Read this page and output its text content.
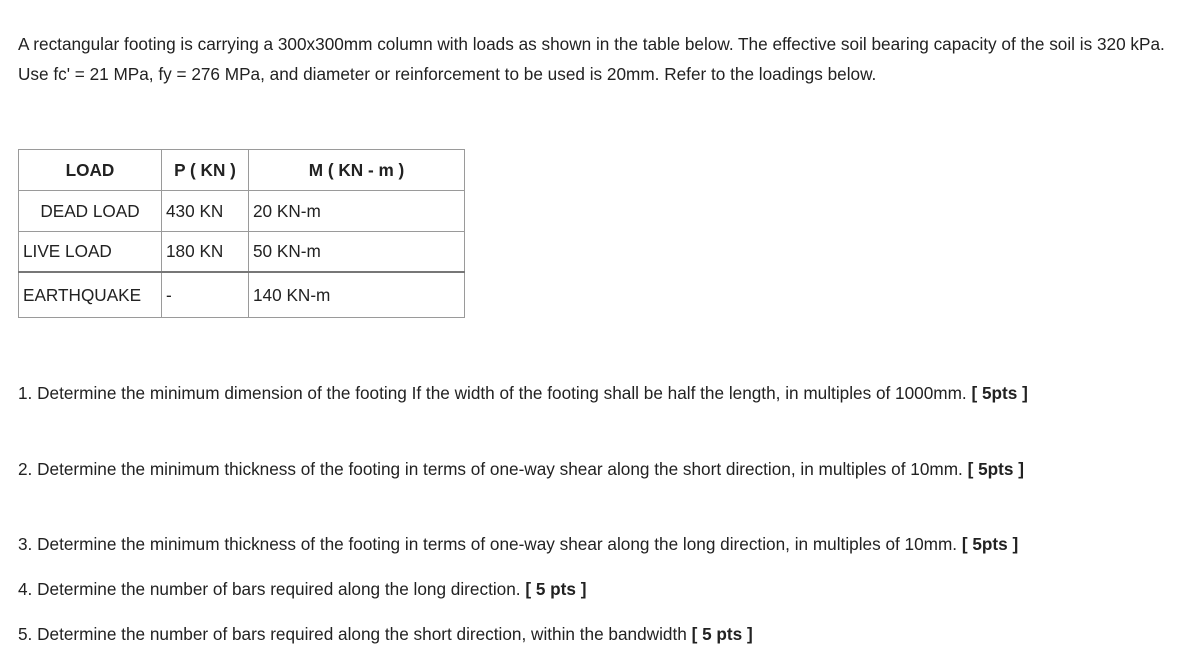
A rectangular footing is carrying a 300x300mm column with loads as shown in the table below. The effective soil bearing capacity of the soil is 320 kPa. Use fc' = 21 MPa, fy = 276 MPa, and diameter or reinforcement to be used is 20mm. Refer to the loadings below.

LOAD	P ( KN )	M ( KN - m )
DEAD LOAD	430 KN	20 KN-m
LIVE LOAD	180 KN	50 KN-m
EARTHQUAKE	-	140 KN-m

1. Determine the minimum dimension of the footing If the width of the footing shall be half the length, in multiples of 1000mm. [ 5pts ]

2. Determine the minimum thickness of the footing in terms of one-way shear along the short direction, in multiples of 10mm. [ 5pts ]

3. Determine the minimum thickness of the footing in terms of one-way shear along the long direction, in multiples of 10mm. [ 5pts ]

4. Determine the number of bars required along the long direction. [ 5 pts ]

5. Determine the number of bars required along the short direction, within the bandwidth [ 5 pts ]
